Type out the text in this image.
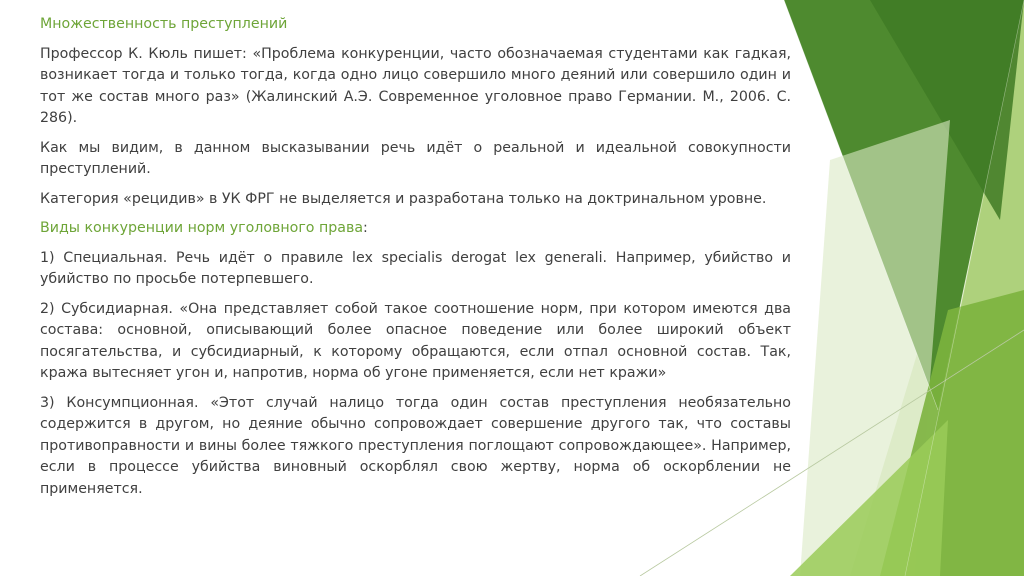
Множественность преступлений

Профессор К. Кюль пишет: «Проблема конкуренции, часто обозначаемая студентами как гадкая, возникает тогда и только тогда, когда одно лицо совершило много деяний или совершило один и тот же состав много раз» (Жалинский А.Э. Современное уголовное право Германии. М., 2006. С. 286).

Как мы видим, в данном высказывании речь идёт о реальной и идеальной совокупности преступлений.

Категория «рецидив» в УК ФРГ не выделяется и разработана только на доктринальном уровне.

Виды конкуренции норм уголовного права:

1) Специальная. Речь идёт о правиле lex specialis derogat lex generali. Например, убийство и убийство по просьбе потерпевшего.

2) Субсидиарная. «Она представляет собой такое соотношение норм, при котором имеются два состава: основной, описывающий более опасное поведение или более широкий объект посягательства, и субсидиарный, к которому обращаются, если отпал основной состав. Так, кража вытесняет угон и, напротив, норма об угоне применяется, если нет кражи»

3) Консумпционная. «Этот случай налицо тогда один состав преступления необязательно содержится в другом, но деяние обычно сопровождает совершение другого так, что составы противоправности и вины более тяжкого преступления поглощают сопровождающее». Например, если в процессе убийства виновный оскорблял свою жертву, норма об оскорблении не применяется.
